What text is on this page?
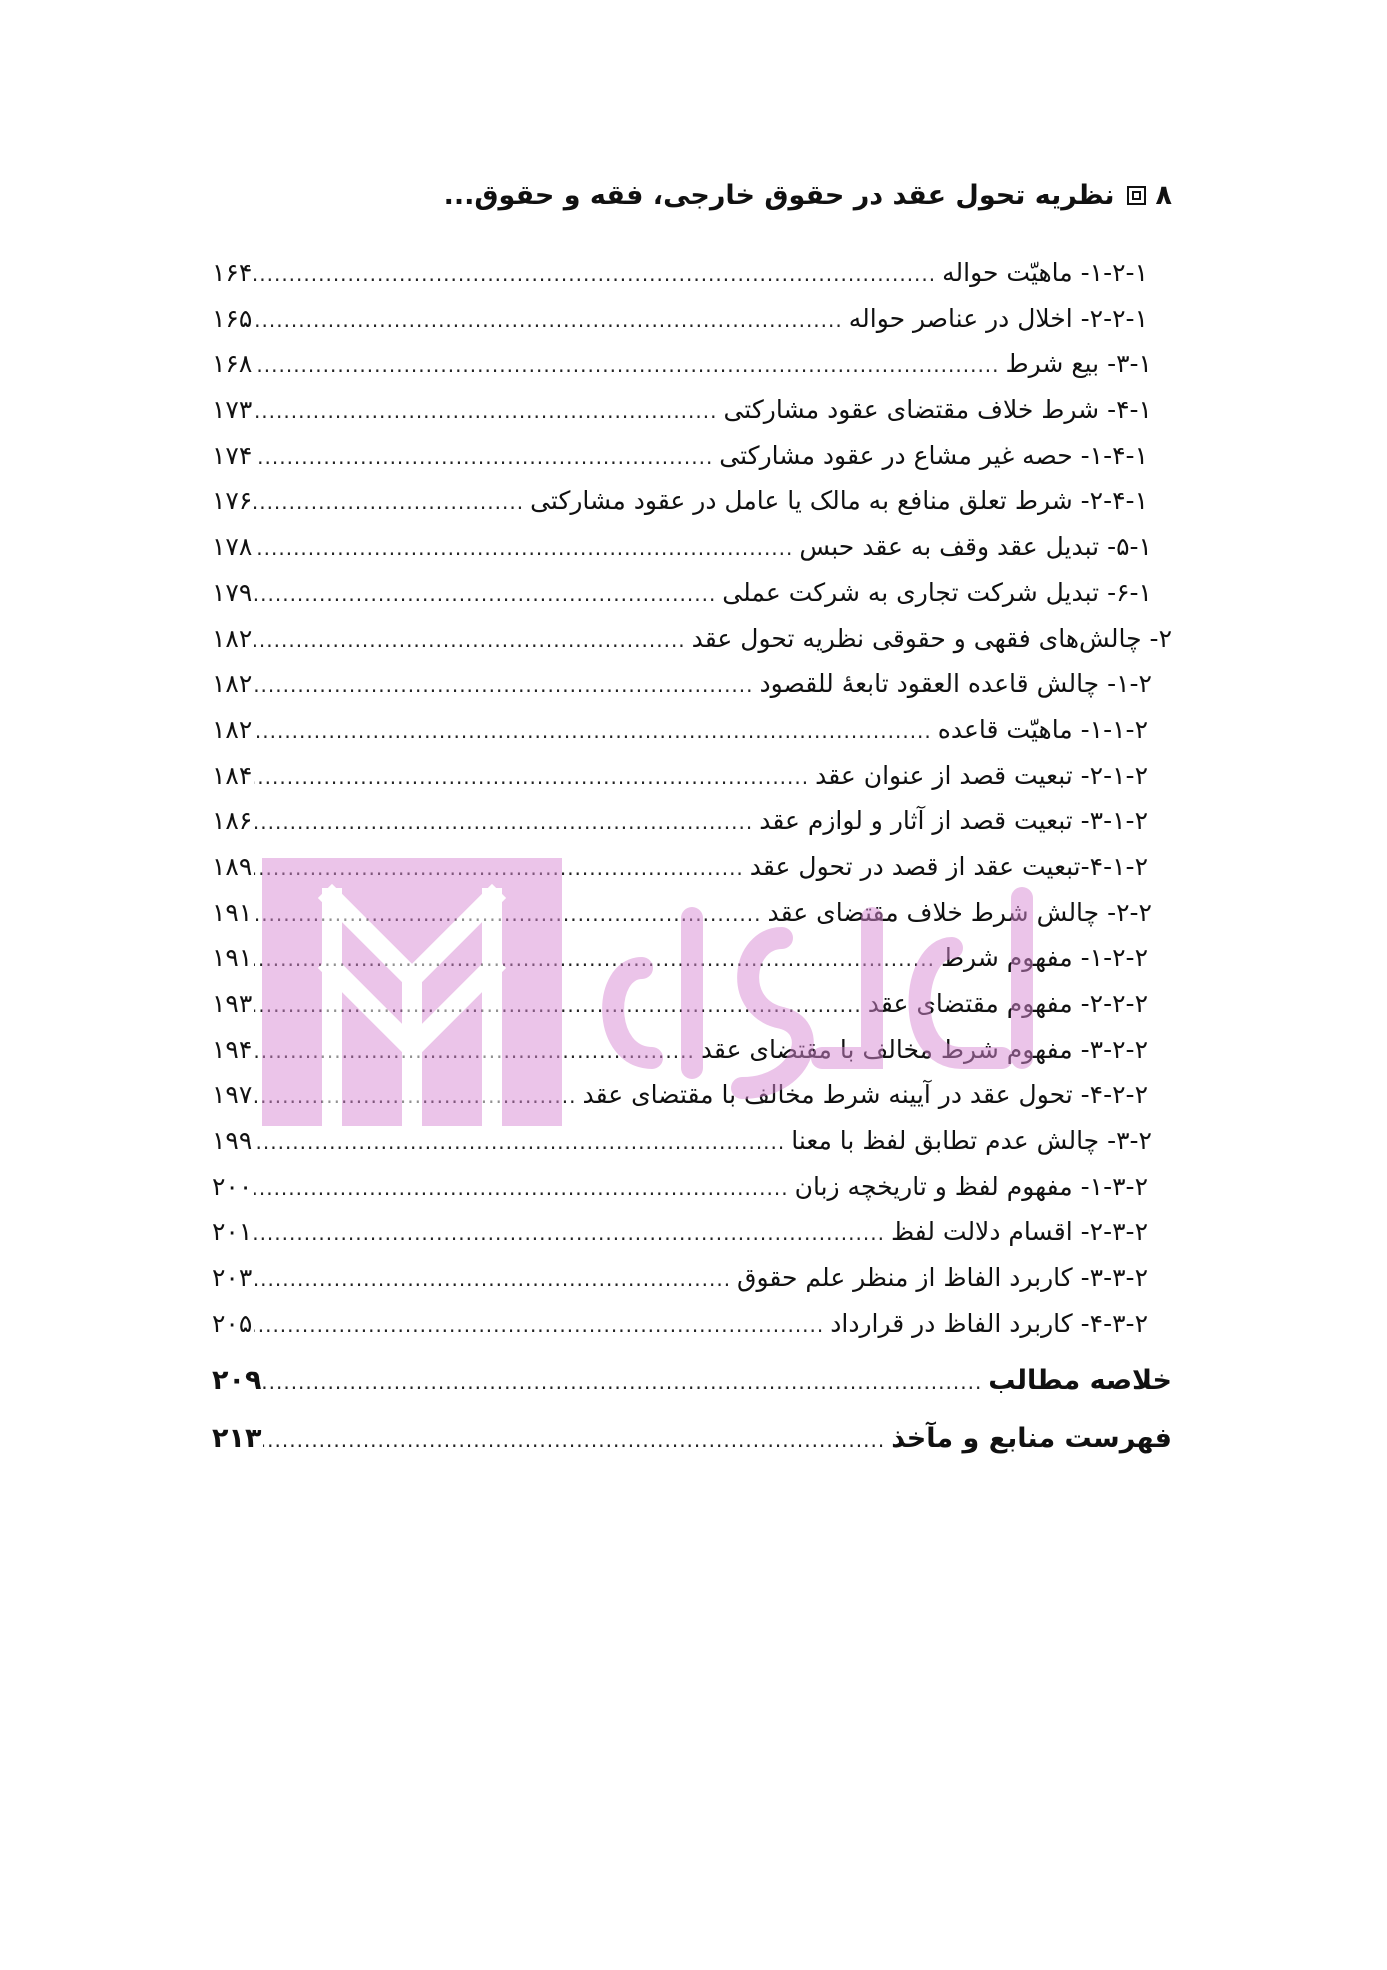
۸
نظریه تحول عقد در حقوق خارجی، فقه و حقوق...
۱-۲-۱- ماهیّت حواله
.....
۱۶۴
۲-۲-۱- اخلال در عناصر حواله
.....
۱۶۵
۳-۱- بیع شرط
.....
۱۶۸
۴-۱- شرط خلاف مقتضای عقود مشارکتی
.....
۱۷۳
۱-۴-۱- حصه غیر مشاع در عقود مشارکتی
.....
۱۷۴
۲-۴-۱- شرط تعلق منافع به مالک یا عامل در عقود مشارکتی
.....
۱۷۶
۵-۱- تبدیل عقد وقف به عقد حبس
.....
۱۷۸
۶-۱- تبدیل شرکت تجاری به شرکت عملی
.....
۱۷۹
۲- چالش‌های فقهی و حقوقی نظریه تحول عقد
.....
۱۸۲
۱-۲- چالش قاعده العقود تابعهٔ للقصود
.....
۱۸۲
۱-۱-۲- ماهیّت قاعده
.....
۱۸۲
۲-۱-۲- تبعیت قصد از عنوان عقد
.....
۱۸۴
۳-۱-۲- تبعیت قصد از آثار و لوازم عقد
.....
۱۸۶
۴-۱-۲-تبعیت عقد از قصد در تحول عقد
.....
۱۸۹
۲-۲- چالش شرط خلاف مقتضای عقد
.....
۱۹۱
۱-۲-۲- مفهوم شرط
.....
۱۹۱
۲-۲-۲- مفهوم مقتضای عقد
.....
۱۹۳
۳-۲-۲- مفهوم شرط مخالف با مقتضای عقد
.....
۱۹۴
۴-۲-۲- تحول عقد در آیینه شرط مخالف با مقتضای عقد
.....
۱۹۷
۳-۲- چالش عدم تطابق لفظ با معنا
.....
۱۹۹
۱-۳-۲- مفهوم لفظ و تاریخچه زبان
.....
۲۰۰
۲-۳-۲- اقسام دلالت لفظ
.....
۲۰۱
۳-۳-۲- کاربرد الفاظ از منظر علم حقوق
.....
۲۰۳
۴-۳-۲- کاربرد الفاظ در قرارداد
.....
۲۰۵
خلاصه مطالب
.....
۲۰۹
فهرست منابع و مآخذ
.....
۲۱۳
